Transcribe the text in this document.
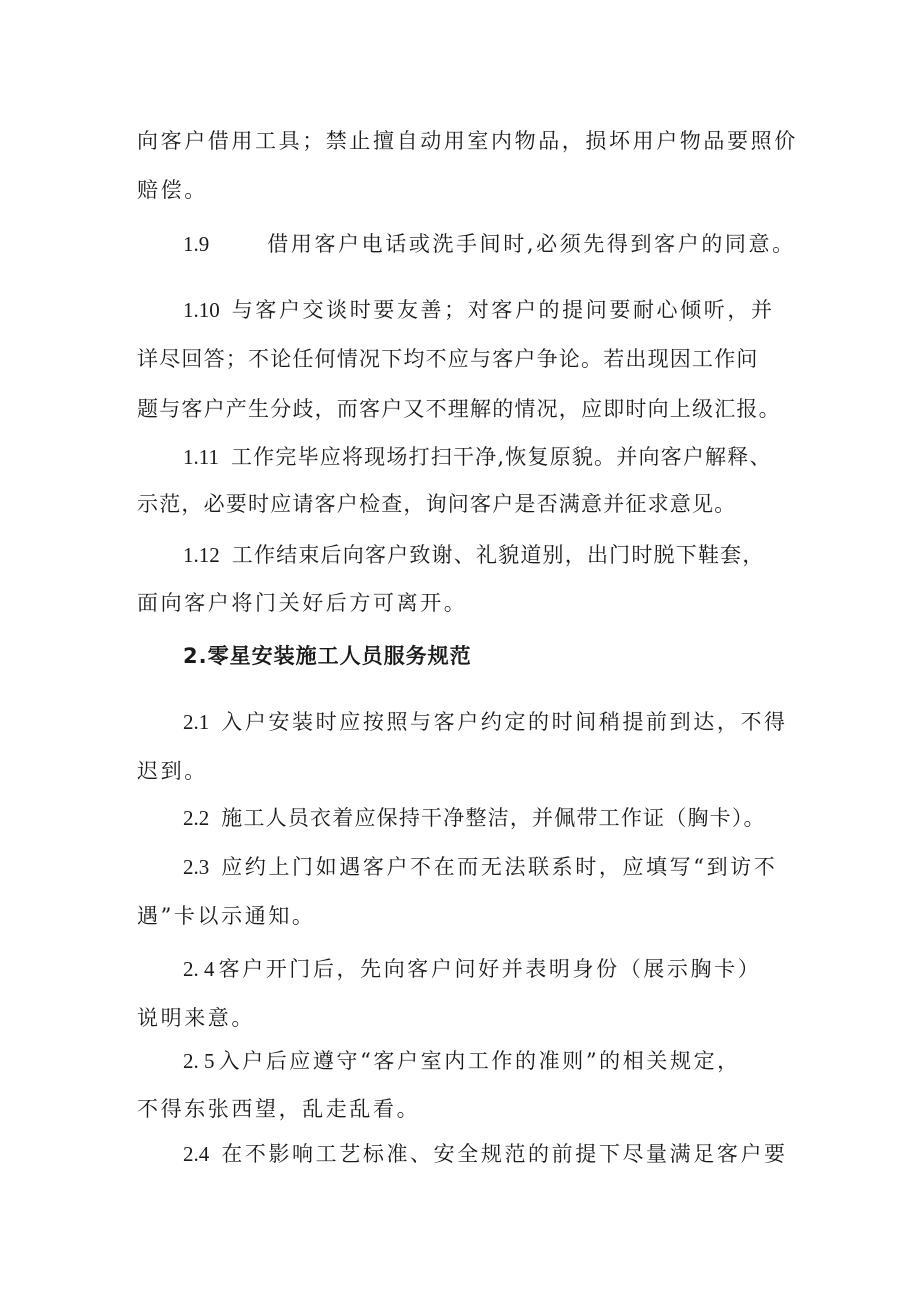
向客户借用工具；禁止擅自动用室内物品，损坏用户物品要照价
赔偿。
1.9	借用客户电话或洗手间时,必须先得到客户的同意。
1.10 与客户交谈时要友善；对客户的提问要耐心倾听，并
详尽回答；不论任何情况下均不应与客户争论。若出现因工作问
题与客户产生分歧，而客户又不理解的情况，应即时向上级汇报。
1.11 工作完毕应将现场打扫干净,恢复原貌。并向客户解释、
示范，必要时应请客户检查，询问客户是否满意并征求意见。
1.12 工作结束后向客户致谢、礼貌道别，出门时脱下鞋套，
面向客户将门关好后方可离开。
2.零星安装施工人员服务规范
2.1 入户安装时应按照与客户约定的时间稍提前到达，不得
迟到。
2.2 施工人员衣着应保持干净整洁，并佩带工作证（胸卡）。
2.3 应约上门如遇客户不在而无法联系时，应填写“到访不
遇”卡以示通知。
2. 4 客户开门后，先向客户问好并表明身份（展示胸卡）
说明来意。
2. 5 入户后应遵守“客户室内工作的准则”的相关规定，
不得东张西望，乱走乱看。
2.4 在不影响工艺标准、安全规范的前提下尽量满足客户要
